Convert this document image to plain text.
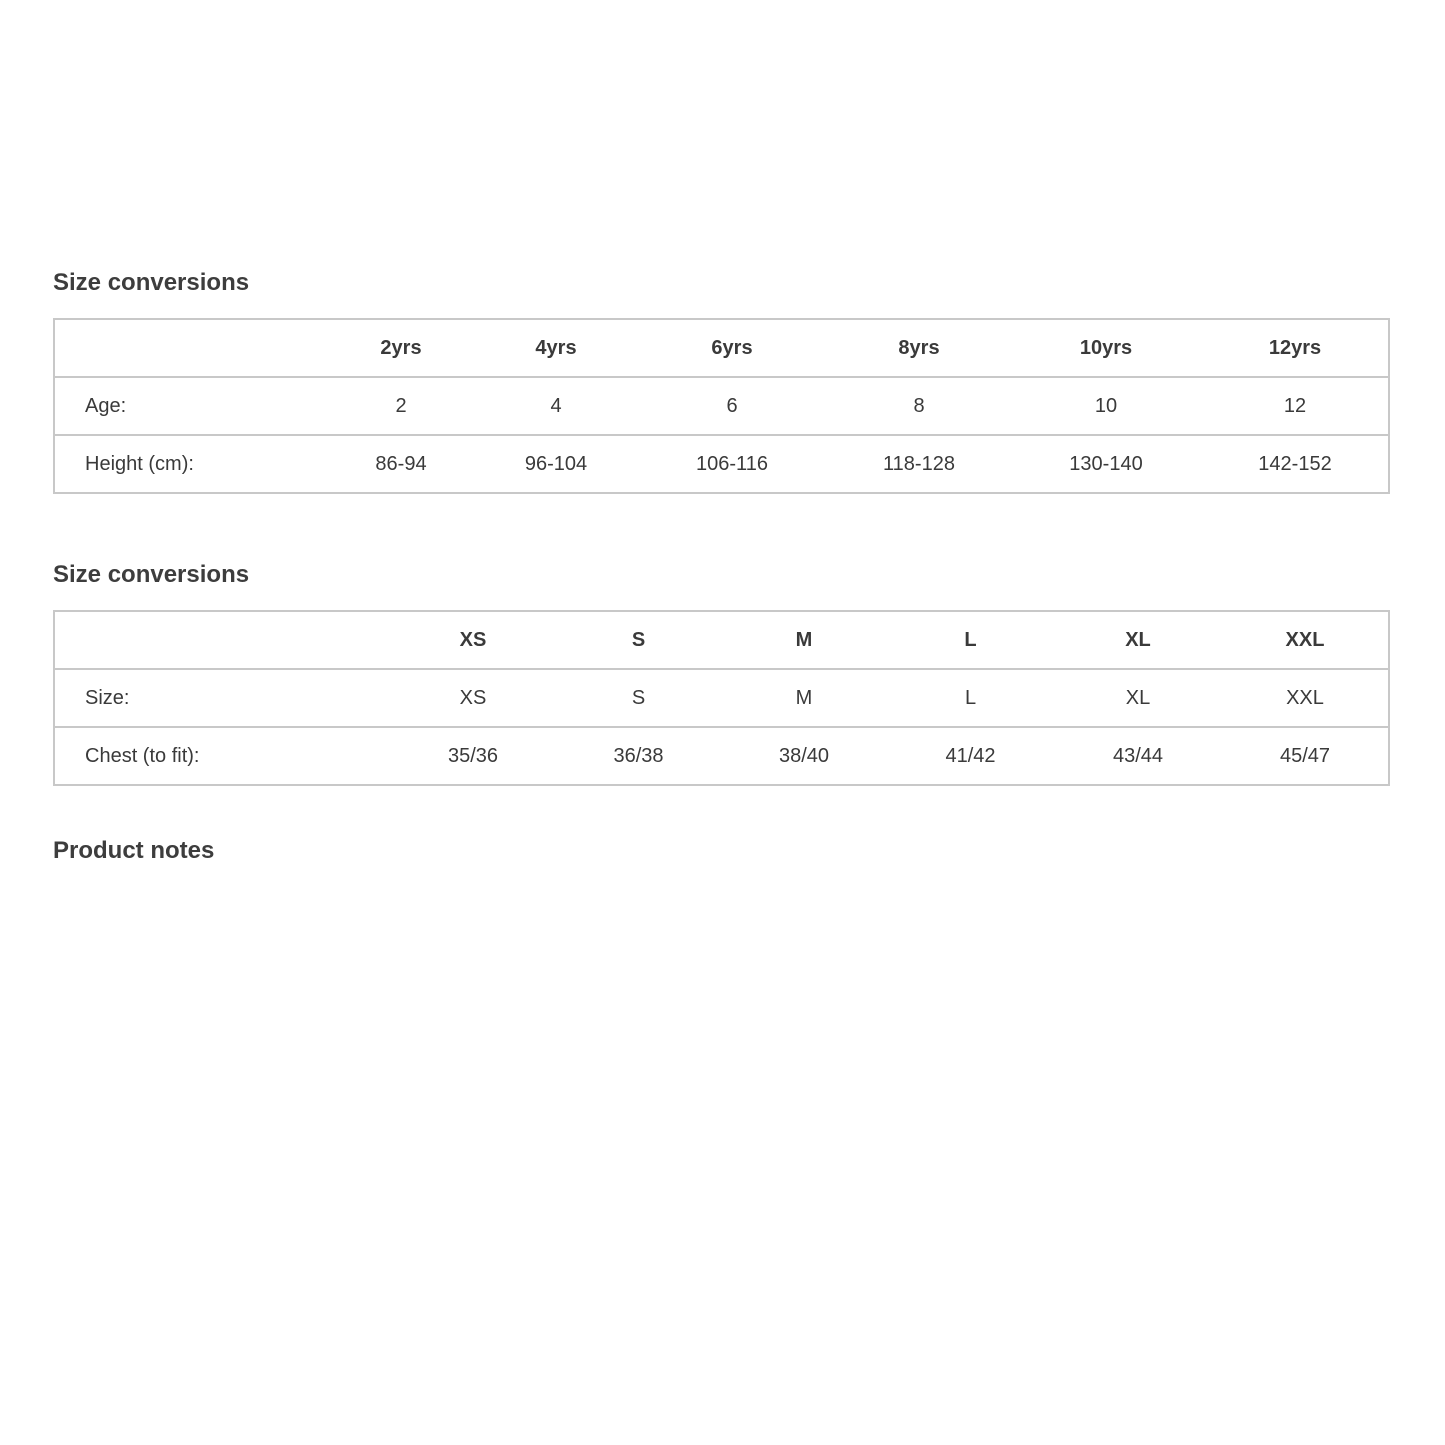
Size conversions
	2yrs	4yrs	6yrs	8yrs	10yrs	12yrs
Age:	2	4	6	8	10	12
Height (cm):	86-94	96-104	106-116	118-128	130-140	142-152
Size conversions
	XS	S	M	L	XL	XXL
Size:	XS	S	M	L	XL	XXL
Chest (to fit):	35/36	36/38	38/40	41/42	43/44	45/47
Product notes
